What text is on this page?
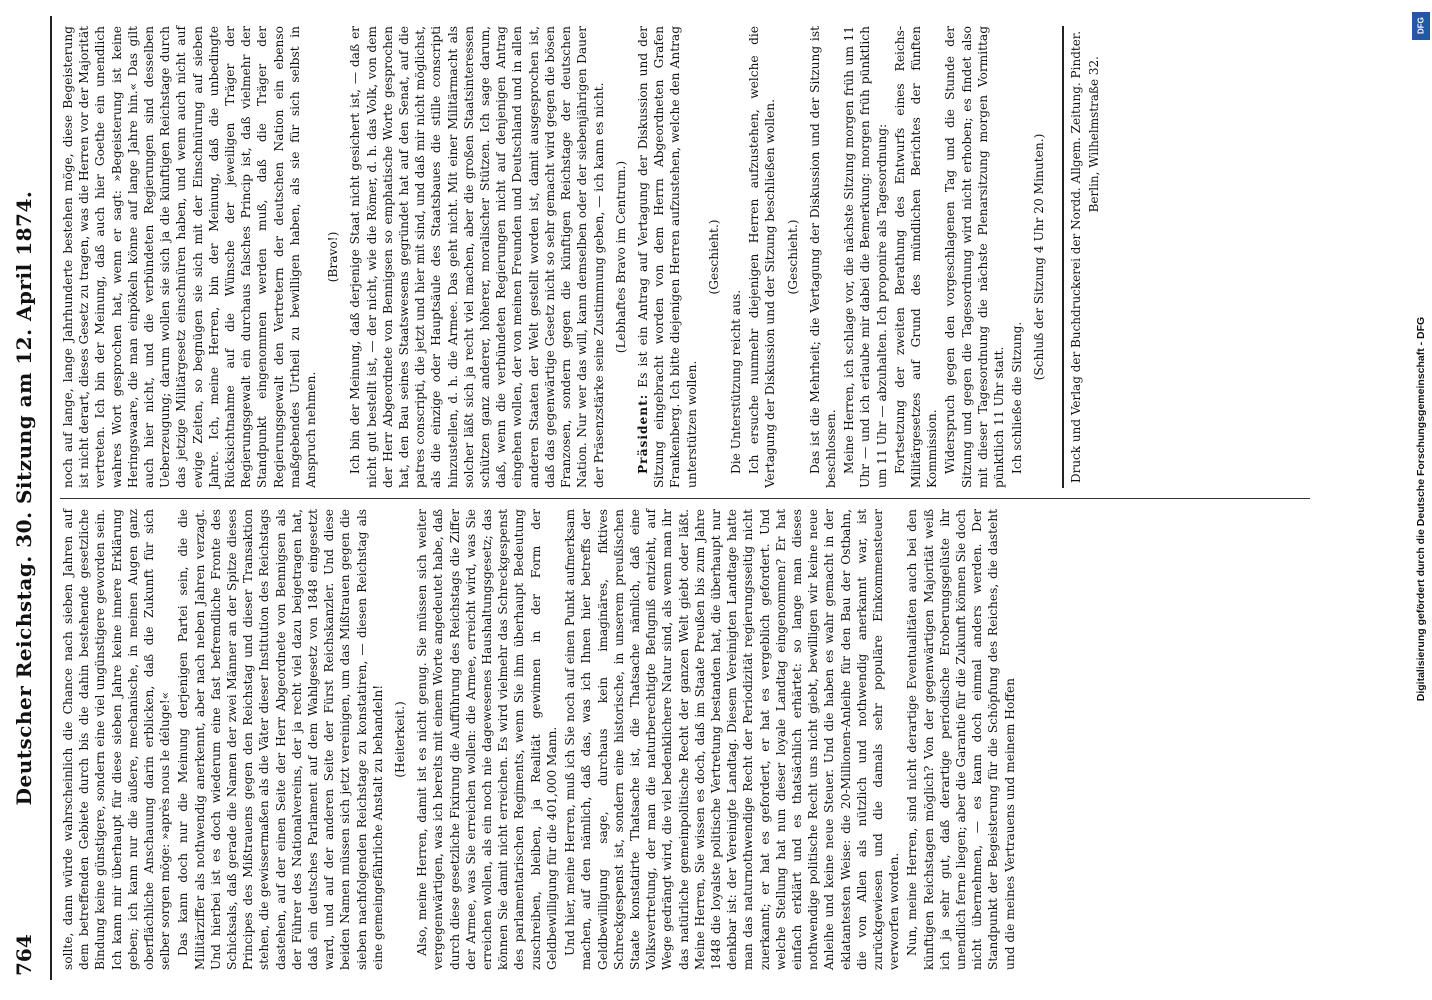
764
Deutscher Reichstag. 30. Sitzung am 12. April 1874. sollte, dann würde wahrscheinlich die Chance nach sieben Jahren auf dem betreffenden Gebiete durch bis die dahin bestehende gesetzliche Bindung keine günstigere, sondern eine viel ungünstigere geworden sein. Ich kann mir überhaupt für diese sieben Jahre keine innere Erklärung geben; ich kann nur die äußere, mechanische, in meinen Augen ganz oberflächliche Anschauung darin erblicken, daß die Zukunft für sich selber sorgen möge: »après nous le déluge!« Das kann doch nur die Meinung derjenigen Partei sein, die die Militärziffer als nothwendig anerkennt, aber nach neben Jahren verzagt. Und hierbei ist es doch wiederum eine fast befremdliche Fronte des Schicksals, daß gerade die Namen der zwei Männer an der Spitze dieses Principes des Mißtrauens gegen den Reichstag und dieser Transaktion stehen, die gewissermaßen als die Väter dieser Institution des Reichstags dastehen, auf der einen Seite der Herr Abgeordnete von Bennigsen als der Führer des Nationalvereins, der ja recht viel dazu beigetragen hat, daß ein deutsches Parlament auf dem Wahlgesetz von 1848 eingesetzt ward, und auf der anderen Seite der Fürst Reichskanzler. Und diese beiden Namen müssen sich jetzt vereinigen, um das Mißtrauen gegen die sieben nachfolgenden Reichstage zu konstatiren, — diesen Reichstag als eine gemeingefährliche Anstalt zu behandeln! (Heiterkeit.) Also, meine Herren, damit ist es nicht genug. Sie müssen sich weiter vergegenwärtigen, was ich bereits mit einem Worte angedeutet habe, daß durch diese gesetzliche Fixirung die Aufführung des Reichstags die Ziffer der Armee, was Sie erreichen wollen: die Armee, erreicht wird, was Sie erreichen wollen, als ein noch nie dagewesenes Haushaltungsgesetz; das können Sie damit nicht erreichen. Es wird vielmehr das Schreckgespenst des parlamentarischen Regiments, wenn Sie ihm überhaupt Bedeutung zuschreiben, bleiben, ja Realität gewinnen in der Form der Geldbewilligung für die 401,000 Mann. Und hier, meine Herren, muß ich Sie noch auf einen Punkt aufmerksam machen, auf den nämlich, daß das, was ich Ihnen hier betreffs der Geldbewilligung sage, durchaus kein imaginäres, fiktives Schreckgespenst ist, sondern eine historische, in unserem preußischen Staate konstatirte Thatsache ist, die Thatsache nämlich, daß eine Volksvertretung, der man die naturberechtigte Befugniß entzieht, auf Wege gedrängt wird, die viel bedenklichere Natur sind, als wenn man ihr das natürliche gemeinpolitische Recht der ganzen Welt giebt oder läßt. Meine Herren, Sie wissen es doch, daß im Staate Preußen bis zum Jahre 1848 die loyalste politische Vertretung bestanden hat, die überhaupt nur denkbar ist: der Vereinigte Landtag. Diesem Vereinigten Landtage hatte man das naturnothwendige Recht der Periodizität regierungsseitig nicht zuerkannt; er hat es gefordert, er hat es vergeblich gefordert. Und welche Stellung hat nun dieser loyale Landtag eingenommen? Er hat einfach erklärt und es thatsächlich erhärtet: so lange man dieses nothwendige politische Recht uns nicht giebt, bewilligen wir keine neue Anleihe und keine neue Steuer. Und die haben es wahr gemacht in der eklatantesten Weise: die 20-Millionen-Anleihe für den Bau der Ostbahn, die von Allen als nützlich und nothwendig anerkannt war, ist zurückgewiesen und die damals sehr populäre Einkommensteuer verworfen worden. Nun, meine Herren, sind nicht derartige Eventualitäten auch bei den künftigen Reichstagen möglich? Von der gegenwärtigen Majorität weiß ich ja sehr gut, daß derartige periodische Eroberungsgelüste ihr unendlich ferne liegen; aber die Garantie für die Zukunft können Sie doch nicht übernehmen, — es kann doch einmal anders werden. Der Standpunkt der Begeisterung für die Schöpfung des Reiches, die dasteht und die meines Vertrauens und meinem Hoffen

noch auf lange, lange Jahrhunderte bestehen möge, diese Begeisterung ist nicht derart, dieses Gesetz zu tragen, was die Herren vor der Majorität vertreten. Ich bin der Meinung, daß auch hier Goethe ein unendlich wahres Wort gesprochen hat, wenn er sagt: »Begeisterung ist keine Heringswaare, die man einpökeln könne auf lange Jahre hin.« Das gilt auch hier nicht, und die verbündeten Regierungen sind desselben Ueberzeugung; darum wollen sie sich ja die künftigen Reichstage durch das jetzige Militärgesetz einschnüren haben, und wenn auch nicht auf ewige Zeiten, so begnügen sie sich mit der Einschnürung auf sieben Jahre. Ich, meine Herren, bin der Meinung, daß die unbedingte Rücksichtnahme auf die Wünsche der jeweiligen Träger der Regierungsgewalt ein durchaus falsches Princip ist, daß vielmehr der Standpunkt eingenommen werden muß, daß die Träger der Regierungsgewalt den Vertretern der deutschen Nation ein ebenso maßgebendes Urtheil zu bewilligen haben, als sie für sich selbst in Anspruch nehmen.

(Bravo!) Ich bin der Meinung, daß derjenige Staat nicht gesichert ist, — daß er nicht gut bestellt ist, — der nicht, wie die Römer, d. h. das Volk, von dem der Herr Abgeordnete von Bennigsen so emphatische Worte gesprochen hat, den Bau seines Staatswesens gegründet hat auf den Senat, auf die patres conscripti, die jetzt und hier mit sind, und daß mir nicht möglichst, als die einzige oder Hauptsäule des Staatsbaues die stille conscripti hinzustellen, d. h. die Armee. Das geht nicht. Mit einer Militärmacht als solcher läßt sich ja recht viel machen, aber die großen Staatsinteressen schützen ganz anderer, höherer, moralischer Stützen. Ich sage darum, daß, wenn die verbündeten Regierungen nicht auf denjenigen Antrag eingehen wollen, der von meinen Freunden und Deutschland und in allen anderen Staaten der Welt gestellt worden ist, damit ausgesprochen ist, daß das gegenwärtige Gesetz nicht so sehr gemacht wird gegen die bösen Franzosen, sondern gegen die künftigen Reichstage der deutschen Nation. Nur wer das will, kann demselben oder der siebenjährigen Dauer der Präsenzstärke seine Zustimmung geben, — ich kann es nicht. (Lebhaftes Bravo im Centrum.)

Präsident: Es ist ein Antrag auf Vertagung der Diskussion und der Sitzung eingebracht worden von dem Herrn Abgeordneten Grafen Frankenberg. Ich bitte diejenigen Herren aufzustehen, welche den Antrag unterstützen wollen.

(Geschieht.)

Die Unterstützung reicht aus. Ich ersuche nunmehr diejenigen Herren aufzustehen, welche die Vertagung der Diskussion und der Sitzung beschließen wollen. (Geschieht.) Das ist die Mehrheit; die Vertagung der Diskussion und der Sitzung ist beschlossen. Meine Herren, ich schlage vor, die nächste Sitzung morgen früh um 11 Uhr — und ich erlaube mir dabei die Bemerkung: morgen früh pünktlich um 11 Uhr — abzuhalten. Ich proponire als Tagesordnung: Fortsetzung der zweiten Berathung des Entwurfs eines Reichs-Militärgesetzes auf Grund des mündlichen Berichtes der fünften Kommission. Widerspruch gegen den vorgeschlagenen Tag und die Stunde der Sitzung und gegen die Tagesordnung wird nicht erhoben; es findet also mit dieser Tagesordnung die nächste Plenarsitzung morgen Vormittag pünktlich 11 Uhr statt. Ich schließe die Sitzung.

(Schluß der Sitzung 4 Uhr 20 Minuten.) Druck und Verlag der Buchdruckerei der Nordd. Allgem. Zeitung. Pindter. Berlin, Wilhelmstraße 32.

DFG
Digitalisierung gefördert durch die Deutsche Forschungsgemeinschaft - DFG
